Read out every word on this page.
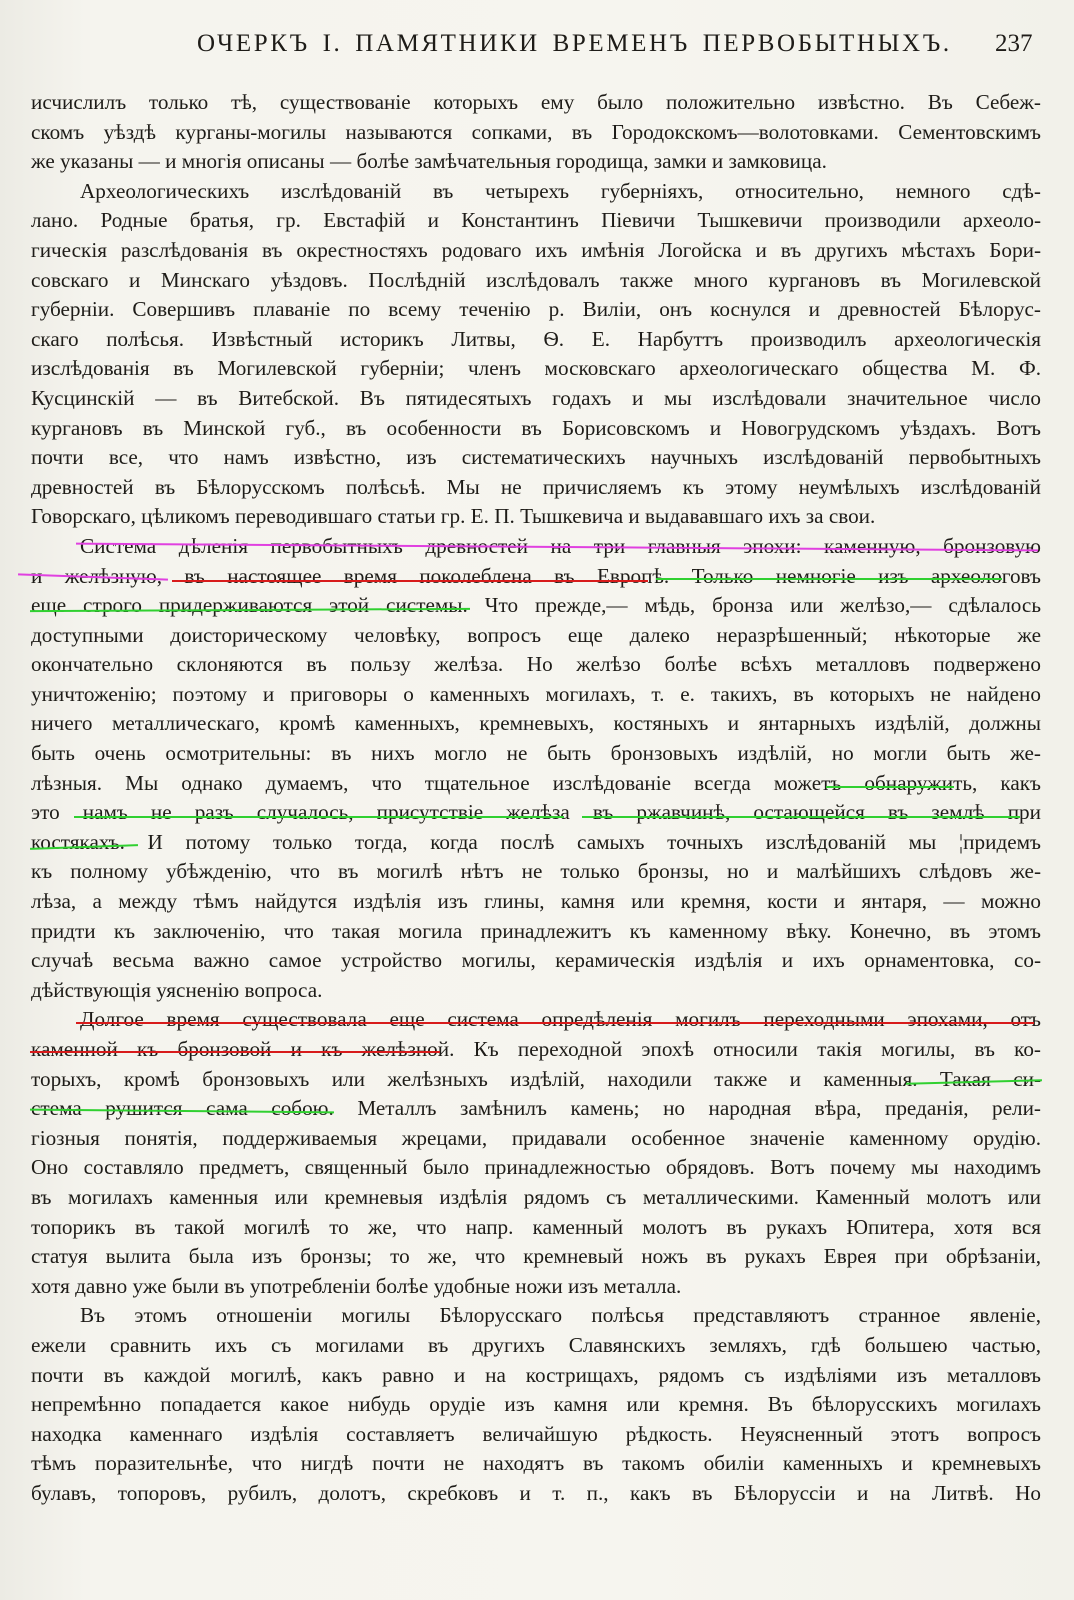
ОЧЕРКЪ I. ПАМЯТНИКИ ВРЕМЕНЪ ПЕРВОБЫТНЫХЪ. 237
исчислилъ только тѣ, существованіе которыхъ ему было положительно извѣстно. Въ Себеж-
скомъ уѣздѣ курганы-могилы называются сопками, въ Городокскомъ—волотовками. Сементовскимъ
же указаны — и многія описаны — болѣе замѣчательныя городища, замки и замковица.
Археологическихъ изслѣдованій въ четырехъ губерніяхъ, относительно, немного сдѣ-
лано. Родные братья, гр. Евстафій и Константинъ Піевичи Тышкевичи производили археоло-
гическія разслѣдованія въ окрестностяхъ родоваго ихъ имѣнія Логойска и въ другихъ мѣстахъ Бори-
совскаго и Минскаго уѣздовъ. Послѣдній изслѣдовалъ также много кургановъ въ Могилевской
губерніи. Совершивъ плаваніе по всему теченію р. Виліи, онъ коснулся и древностей Бѣлорус-
скаго полѣсья. Извѣстный историкъ Литвы, Ѳ. Е. Нарбуттъ производилъ археологическія
изслѣдованія въ Могилевской губерніи; членъ московскаго археологическаго общества М. Ф.
Кусцинскій — въ Витебской. Въ пятидесятыхъ годахъ и мы изслѣдовали значительное число
кургановъ въ Минской губ., въ особенности въ Борисовскомъ и Новогрудскомъ уѣздахъ. Вотъ
почти все, что намъ извѣстно, изъ систематическихъ научныхъ изслѣдованій первобытныхъ
древностей въ Бѣлорусскомъ полѣсьѣ. Мы не причисляемъ къ этому неумѣлыхъ изслѣдованій
Говорскаго, цѣликомъ переводившаго статьи гр. Е. П. Тышкевича и выдававшаго ихъ за свои.
Система дѣленія первобытныхъ древностей на три главныя эпохи: каменную, бронзовую
и желѣзную, въ настоящее время поколеблена въ Европѣ. Только немногіе изъ археологовъ
еще строго придерживаются этой системы. Что прежде,— мѣдь, бронза или желѣзо,— сдѣлалось
доступными доисторическому человѣку, вопросъ еще далеко неразрѣшенный; нѣкоторые же
окончательно склоняются въ пользу желѣза. Но желѣзо болѣе всѣхъ металловъ подвержено
уничтоженію; поэтому и приговоры о каменныхъ могилахъ, т. е. такихъ, въ которыхъ не найдено
ничего металлическаго, кромѣ каменныхъ, кремневыхъ, костяныхъ и янтарныхъ издѣлій, должны
быть очень осмотрительны: въ нихъ могло не быть бронзовыхъ издѣлій, но могли быть же-
лѣзныя. Мы однако думаемъ, что тщательное изслѣдованіе всегда можетъ обнаружить, какъ
это намъ не разъ случалось, присутствіе желѣза въ ржавчинѣ, остающейся въ землѣ при
костякахъ. И потому только тогда, когда послѣ самыхъ точныхъ изслѣдованій мы ¦придемъ
къ полному убѣжденію, что въ могилѣ нѣтъ не только бронзы, но и малѣйшихъ слѣдовъ же-
лѣза, а между тѣмъ найдутся издѣлія изъ глины, камня или кремня, кости и янтаря, — можно
придти къ заключенію, что такая могила принадлежитъ къ каменному вѣку. Конечно, въ этомъ
случаѣ весьма важно самое устройство могилы, керамическія издѣлія и ихъ орнаментовка, со-
дѣйствующія уясненію вопроса.
Долгое время существовала еще система опредѣленія могилъ переходными эпохами, отъ
каменной къ бронзовой и къ желѣзной. Къ переходной эпохѣ относили такія могилы, въ ко-
торыхъ, кромѣ бронзовыхъ или желѣзныхъ издѣлій, находили также и каменныя. Такая си-
стема рушится сама собою. Металлъ замѣнилъ камень; но народная вѣра, преданія, рели-
гіозныя понятія, поддерживаемыя жрецами, придавали особенное значеніе каменному орудію.
Оно составляло предметъ, священный было принадлежностью обрядовъ. Вотъ почему мы находимъ
въ могилахъ каменныя или кремневыя издѣлія рядомъ съ металлическими. Каменный молотъ или
топорикъ въ такой могилѣ то же, что напр. каменный молотъ въ рукахъ Юпитера, хотя вся
статуя вылита была изъ бронзы; то же, что кремневый ножъ въ рукахъ Еврея при обрѣзаніи,
хотя давно уже были въ употребленіи болѣе удобные ножи изъ металла.
Въ этомъ отношеніи могилы Бѣлорусскаго полѣсья представляютъ странное явленіе,
ежели сравнить ихъ съ могилами въ другихъ Славянскихъ земляхъ, гдѣ большею частью,
почти въ каждой могилѣ, какъ равно и на кострищахъ, рядомъ съ издѣліями изъ металловъ
непремѣнно попадается какое нибудь орудіе изъ камня или кремня. Въ бѣлорусскихъ могилахъ
находка каменнаго издѣлія составляетъ величайшую рѣдкость. Неуясненный этотъ вопросъ
тѣмъ поразительнѣе, что нигдѣ почти не находятъ въ такомъ обиліи каменныхъ и кремневыхъ
булавъ, топоровъ, рубилъ, долотъ, скребковъ и т. п., какъ въ Бѣлоруссіи и на Литвѣ. Но
